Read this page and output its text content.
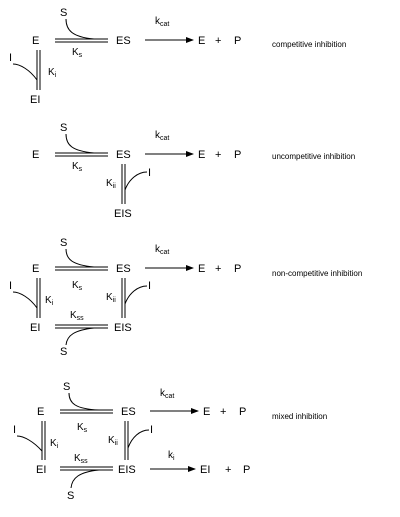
E	ES	E + P
S
I
EI
$K_s$
$k_{cat}$
$K_i$
competitive inhibition
E	ES	E + P
S
I
EIS
$K_s$
$k_{cat}$
$K_{ii}$
uncompetitive inhibition
E	ES	E + P
S
I	I
EI	EIS
S
$K_s$
$k_{cat}$
$K_i$
$K_{ii}$
$K_{ss}$
non-competitive inhibition
E	ES	E + P
S
I	I
EI	EIS	EI + P
S
$K_s$
$k_{cat}$
$K_i$
$K_{ii}$
$K_{ss}$
$k_i$
mixed inhibition
